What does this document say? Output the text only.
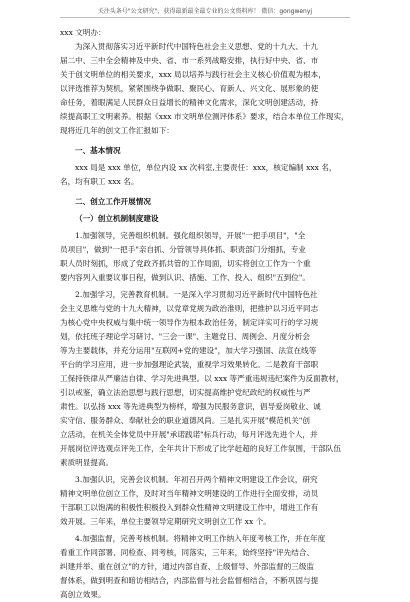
关注头条号"公文研究"，获得最新最全最专业的公文资料库！ 微信：gongwenyj
xxx 文明办：
为深入贯彻落实习近平新时代中国特色社会主义思想、党的十九大、十九
届二中、三中全会精神及中央、省、市一系列战略安排，执行好中央、省、市
关于创文明单位的相关要求，xxx 局以培养与践行社会主义核心价值观为根本，
以评选推荐为契机，紧紧围绕争做职、聚民心、育新人、兴文化、展形象的使
命任务，着眼满足人民群众日益增长的精神文化需求，深化文明创建活动，持
续提高职工文明素养。根据《xxx 市文明单位测评体系》要求，结合本单位工作现实，
现将近几年的创文工作汇报如下：
一、基本情况
xxx 局是 xxx 单位，单位内设 xx 次科室,主要责任：xxx，核定编制 xxx 名，
名，均有职工 xxx 名。
二、创立工作开展情况
（一）创立机制制度建设
1.加强领导，完善组织机制。强化组织领导，开展"一把手项目"，"全
员项目"，做到"一把手"亲自抓、分管领导具体抓、职责部门分细抓，专业
职人员时刻抓，形成了党政齐抓共管的工作局面，切实将创立工作为一个重
要内容列入重要议事日程，做到认识、措施、工作、投入、组织"五到位"。
2.加强学习，完善教育机制。一是深入学习贯彻习近平新时代中国特色社
会主义思维与党的十九大精神，以党章党规为政治准则，把推护以习近平同志
为核心党中央权威与集中统一领导作为根本政治任务，制定详实可行的学习规
划，依托班子理论学习研讨、"三会一课"、主题党日、周例会、月度分析会
等为主要载体，并充分运用"互联网+党的建设"，加大学习强国、法宣在线等
平台的学习应用，进一步加强理论武装，重视学习效果转化。二是教育干部职
工保持铁律从严廉洁自律、学习先进典型。以 xxx 等严重违规违纪案件为反面教材，
引以戒鉴，确立法治思想与践行思想，切实提高维护党纪政纪的权威性与严
肃性。以弘扬 xxx 等先进典型为榜样，增强为民服务意识，倡导爱岗敬业、诚
实守信、服务群众、奉献社会的职业道德风尚。三是扎实开展"模范机关"创
立活动，在机关全体党员中开展"承诺践诺"标兵行动，每月评选先进个人，并
开展岗位评选观点评先工作，全年共计下形成了比学赶超的良好工作氛围，干部队伍
素质明显提高。
3.加强认识，完善会议机制。年初召开两个精神文明建设工作会议，研究
精神文明单位创立工作，及时对当年精神文明建设的工作进行全面安排，动员
干部职工以饱满的积极性积极投入到群众性精神文明建设工作中，增进工作有
效开展。三年来，单位主要领导定期研究文明创立工作 xx 个。
4.加强监督，完善考核机制。将精神文明工作纳入年度考核工作，并在年度
看重工作同部署、同检查、同考核，同落实，三年来，始终坚持"评先结合、
纠建并举、重在创立"的方针，通过内部自查、上级督导、外部监督的三级监
督体系，做到明查和暗访相结合，内部监督与社会监督相结合，不断巩固与提
高创立效果。
